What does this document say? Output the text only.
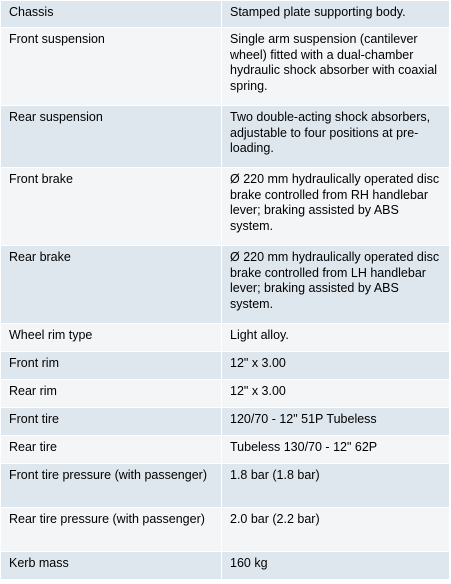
Chassis	Stamped plate supporting body.
Front suspension	Single arm suspension (cantilever wheel) fitted with a dual-chamber hydraulic shock absorber with coaxial spring.
Rear suspension	Two double-acting shock absorbers, adjustable to four positions at pre-loading.
Front brake	Ø 220 mm hydraulically operated disc brake controlled from RH handlebar lever; braking assisted by ABS system.
Rear brake	Ø 220 mm hydraulically operated disc brake controlled from LH handlebar lever; braking assisted by ABS system.
Wheel rim type	Light alloy.
Front rim	12" x 3.00
Rear rim	12" x 3.00
Front tire	120/70 - 12" 51P Tubeless
Rear tire	Tubeless 130/70 - 12" 62P
Front tire pressure (with passenger)	1.8 bar (1.8 bar)
Rear tire pressure (with passenger)	2.0 bar (2.2 bar)
Kerb mass	160 kg
